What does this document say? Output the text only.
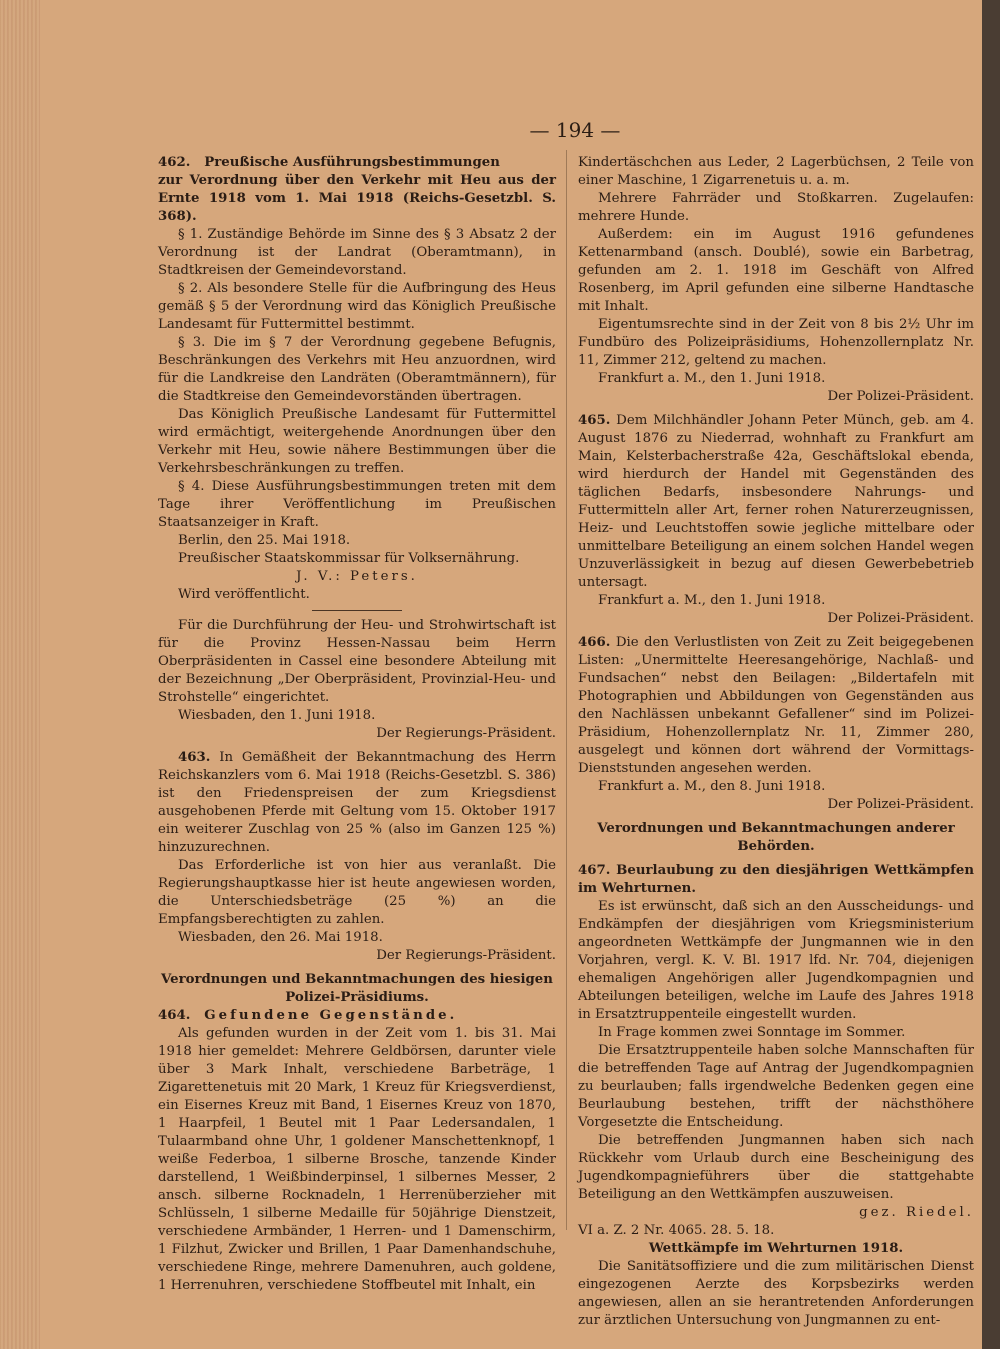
— 194 —

462. Preußische Ausführungsbestimmungen

zur Verordnung über den Verkehr mit Heu aus der Ernte 1918 vom 1. Mai 1918 (Reichs-Gesetzbl. S. 368).

§ 1. Zuständige Behörde im Sinne des § 3 Absatz 2 der Verordnung ist der Landrat (Oberamtmann), in Stadtkreisen der Gemeindevorstand.

§ 2. Als besondere Stelle für die Aufbringung des Heus gemäß § 5 der Verordnung wird das Königlich Preußische Landesamt für Futtermittel bestimmt.

§ 3. Die im § 7 der Verordnung gegebene Befugnis, Beschränkungen des Verkehrs mit Heu anzuordnen, wird für die Landkreise den Landräten (Oberamtmännern), für die Stadtkreise den Gemeindevorständen übertragen.

Das Königlich Preußische Landesamt für Futtermittel wird ermächtigt, weitergehende Anordnungen über den Verkehr mit Heu, sowie nähere Bestimmungen über die Verkehrsbeschränkungen zu treffen.

§ 4. Diese Ausführungsbestimmungen treten mit dem Tage ihrer Veröffentlichung im Preußischen Staatsanzeiger in Kraft.

Berlin, den 25. Mai 1918.

Preußischer Staatskommissar für Volksernährung.

J. V.: Peters.

Wird veröffentlicht.

Für die Durchführung der Heu- und Strohwirtschaft ist für die Provinz Hessen-Nassau beim Herrn Oberpräsidenten in Cassel eine besondere Abteilung mit der Bezeichnung „Der Oberpräsident, Provinzial-Heu- und Strohstelle“ eingerichtet.

Wiesbaden, den 1. Juni 1918.

Der Regierungs-Präsident.

463. In Gemäßheit der Bekanntmachung des Herrn Reichskanzlers vom 6. Mai 1918 (Reichs-Gesetzbl. S. 386) ist den Friedenspreisen der zum Kriegsdienst ausgehobenen Pferde mit Geltung vom 15. Oktober 1917 ein weiterer Zuschlag von 25 % (also im Ganzen 125 %) hinzuzurechnen.

Das Erforderliche ist von hier aus veranlaßt. Die Regierungshauptkasse hier ist heute angewiesen worden, die Unterschiedsbeträge (25 %) an die Empfangsberechtigten zu zahlen.

Wiesbaden, den 26. Mai 1918.

Der Regierungs-Präsident.

Verordnungen und Bekanntmachungen des hiesigen Polizei-Präsidiums.

464. Gefundene Gegenstände.

Als gefunden wurden in der Zeit vom 1. bis 31. Mai 1918 hier gemeldet: Mehrere Geldbörsen, darunter viele über 3 Mark Inhalt, verschiedene Barbeträge, 1 Zigarettenetuis mit 20 Mark, 1 Kreuz für Kriegsverdienst, ein Eisernes Kreuz mit Band, 1 Eisernes Kreuz von 1870, 1 Haarpfeil, 1 Beutel mit 1 Paar Ledersandalen, 1 Tulaarmband ohne Uhr, 1 goldener Manschettenknopf, 1 weiße Federboa, 1 silberne Brosche, tanzende Kinder darstellend, 1 Weißbinderpinsel, 1 silbernes Messer, 2 ansch. silberne Rocknadeln, 1 Herrenüberzieher mit Schlüsseln, 1 silberne Medaille für 50jährige Dienstzeit, verschiedene Armbänder, 1 Herren- und 1 Damenschirm, 1 Filzhut, Zwicker und Brillen, 1 Paar Damenhandschuhe, verschiedene Ringe, mehrere Damenuhren, auch goldene, 1 Herrenuhren, verschiedene Stoffbeutel mit Inhalt, ein

Kindertäschchen aus Leder, 2 Lagerbüchsen, 2 Teile von einer Maschine, 1 Zigarrenetuis u. a. m.

Mehrere Fahrräder und Stoßkarren. Zugelaufen: mehrere Hunde.

Außerdem: ein im August 1916 gefundenes Kettenarmband (ansch. Doublé), sowie ein Barbetrag, gefunden am 2. 1. 1918 im Geschäft von Alfred Rosenberg, im April gefunden eine silberne Handtasche mit Inhalt.

Eigentumsrechte sind in der Zeit von 8 bis 2½ Uhr im Fundbüro des Polizeipräsidiums, Hohenzollernplatz Nr. 11, Zimmer 212, geltend zu machen.

Frankfurt a. M., den 1. Juni 1918.

Der Polizei-Präsident.

465. Dem Milchhändler Johann Peter Münch, geb. am 4. August 1876 zu Niederrad, wohnhaft zu Frankfurt am Main, Kelsterbacherstraße 42a, Geschäftslokal ebenda, wird hierdurch der Handel mit Gegenständen des täglichen Bedarfs, insbesondere Nahrungs- und Futtermitteln aller Art, ferner rohen Naturerzeugnissen, Heiz- und Leuchtstoffen sowie jegliche mittelbare oder unmittelbare Beteiligung an einem solchen Handel wegen Unzuverlässigkeit in bezug auf diesen Gewerbebetrieb untersagt.

Frankfurt a. M., den 1. Juni 1918.

Der Polizei-Präsident.

466. Die den Verlustlisten von Zeit zu Zeit beigegebenen Listen: „Unermittelte Heeresangehörige, Nachlaß- und Fundsachen“ nebst den Beilagen: „Bildertafeln mit Photographien und Abbildungen von Gegenständen aus den Nachlässen unbekannt Gefallener“ sind im Polizei-Präsidium, Hohenzollernplatz Nr. 11, Zimmer 280, ausgelegt und können dort während der Vormittags-Dienststunden angesehen werden.

Frankfurt a. M., den 8. Juni 1918.

Der Polizei-Präsident.

Verordnungen und Bekanntmachungen anderer Behörden.

467. Beurlaubung zu den diesjährigen Wettkämpfen im Wehrturnen.

Es ist erwünscht, daß sich an den Ausscheidungs- und Endkämpfen der diesjährigen vom Kriegsministerium angeordneten Wettkämpfe der Jungmannen wie in den Vorjahren, vergl. K. V. Bl. 1917 lfd. Nr. 704, diejenigen ehemaligen Angehörigen aller Jugendkompagnien und Abteilungen beteiligen, welche im Laufe des Jahres 1918 in Ersatztruppenteile eingestellt wurden.

In Frage kommen zwei Sonntage im Sommer.

Die Ersatztruppenteile haben solche Mannschaften für die betreffenden Tage auf Antrag der Jugendkompagnien zu beurlauben; falls irgendwelche Bedenken gegen eine Beurlaubung bestehen, trifft der nächsthöhere Vorgesetzte die Entscheidung.

Die betreffenden Jungmannen haben sich nach Rückkehr vom Urlaub durch eine Bescheinigung des Jugendkompagnieführers über die stattgehabte Beteiligung an den Wettkämpfen auszuweisen.

gez. Riedel.

VI a. Z. 2 Nr. 4065. 28. 5. 18.

Wettkämpfe im Wehrturnen 1918.

Die Sanitätsoffiziere und die zum militärischen Dienst eingezogenen Aerzte des Korpsbezirks werden angewiesen, allen an sie herantretenden Anforderungen zur ärztlichen Untersuchung von Jungmannen zu ent-
